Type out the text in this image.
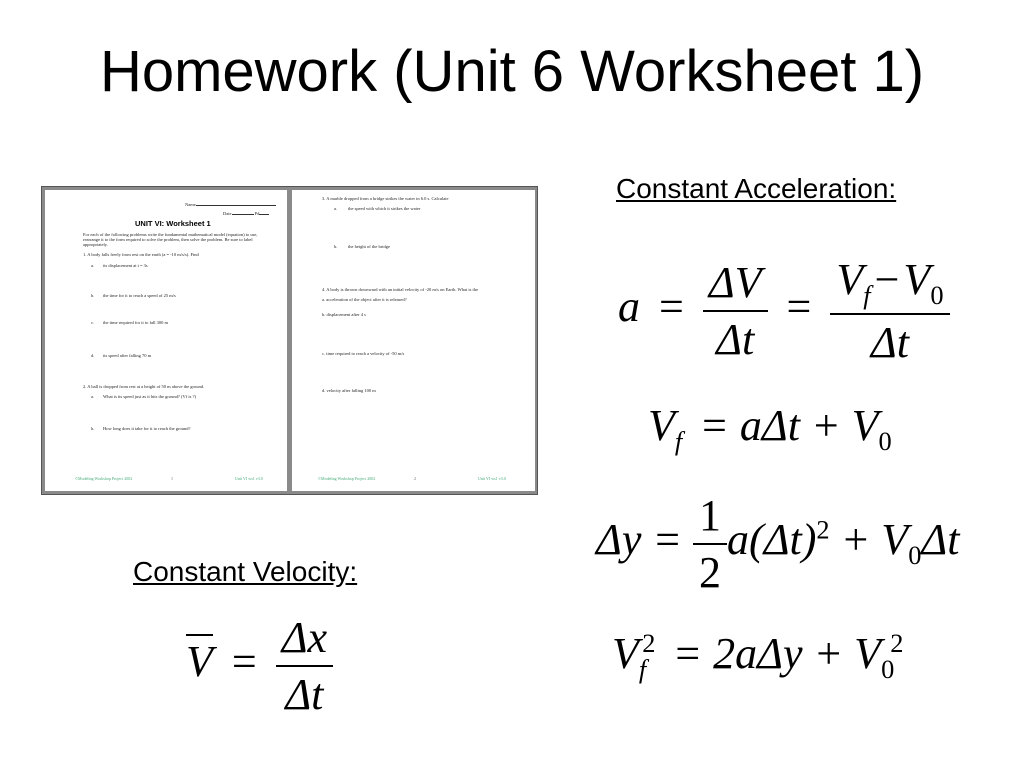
Homework (Unit 6 Worksheet 1)
Name
Date	Pd
UNIT VI: Worksheet 1
For each of the following problems write the fundamental mathematical model (equation) to use,
rearrange it to the form required to solve the problem, then solve the problem. Be sure to label
appropriately.
1. A body falls freely from rest on the earth (a = -10 m/s/s). Find
a. its displacement at t = 3s
b. the time for it to reach a speed of 25 m/s
c. the time required for it to fall 300 m
d. its speed after falling 70 m
2. A ball is dropped from rest at a height of 50 m above the ground.
a. What is its speed just as it hits the ground? (Vf is ?)
b. How long does it take for it to reach the ground?
©Modeling Workshop Project 2002	1	Unit VI ws1 v3.0
3. A marble dropped from a bridge strikes the water in 6.0 s. Calculate
a. the speed with which it strikes the water
b. the height of the bridge
4. A body is thrown downward with an initial velocity of -20 m/s on Earth. What is the
a. acceleration of the object after it is released?
b. displacement after 4 s
c. time required to reach a velocity of -50 m/s
d. velocity after falling 100 m
©Modeling Workshop Project 2002	2	Unit VI ws1 v3.0
Constant Acceleration:
Constant Velocity:
$a = \frac{\Delta V}{\Delta t} = \frac{V_f-V_0}{\Delta t}$
$V_f = a\Delta t + V_0$
$\Delta y = \frac{1}{2} a(\Delta t)^2 + V_0\Delta t$
$V_f^2 = 2a\Delta y + V_0^2$
$V = \frac{\Delta x}{\Delta t}$
